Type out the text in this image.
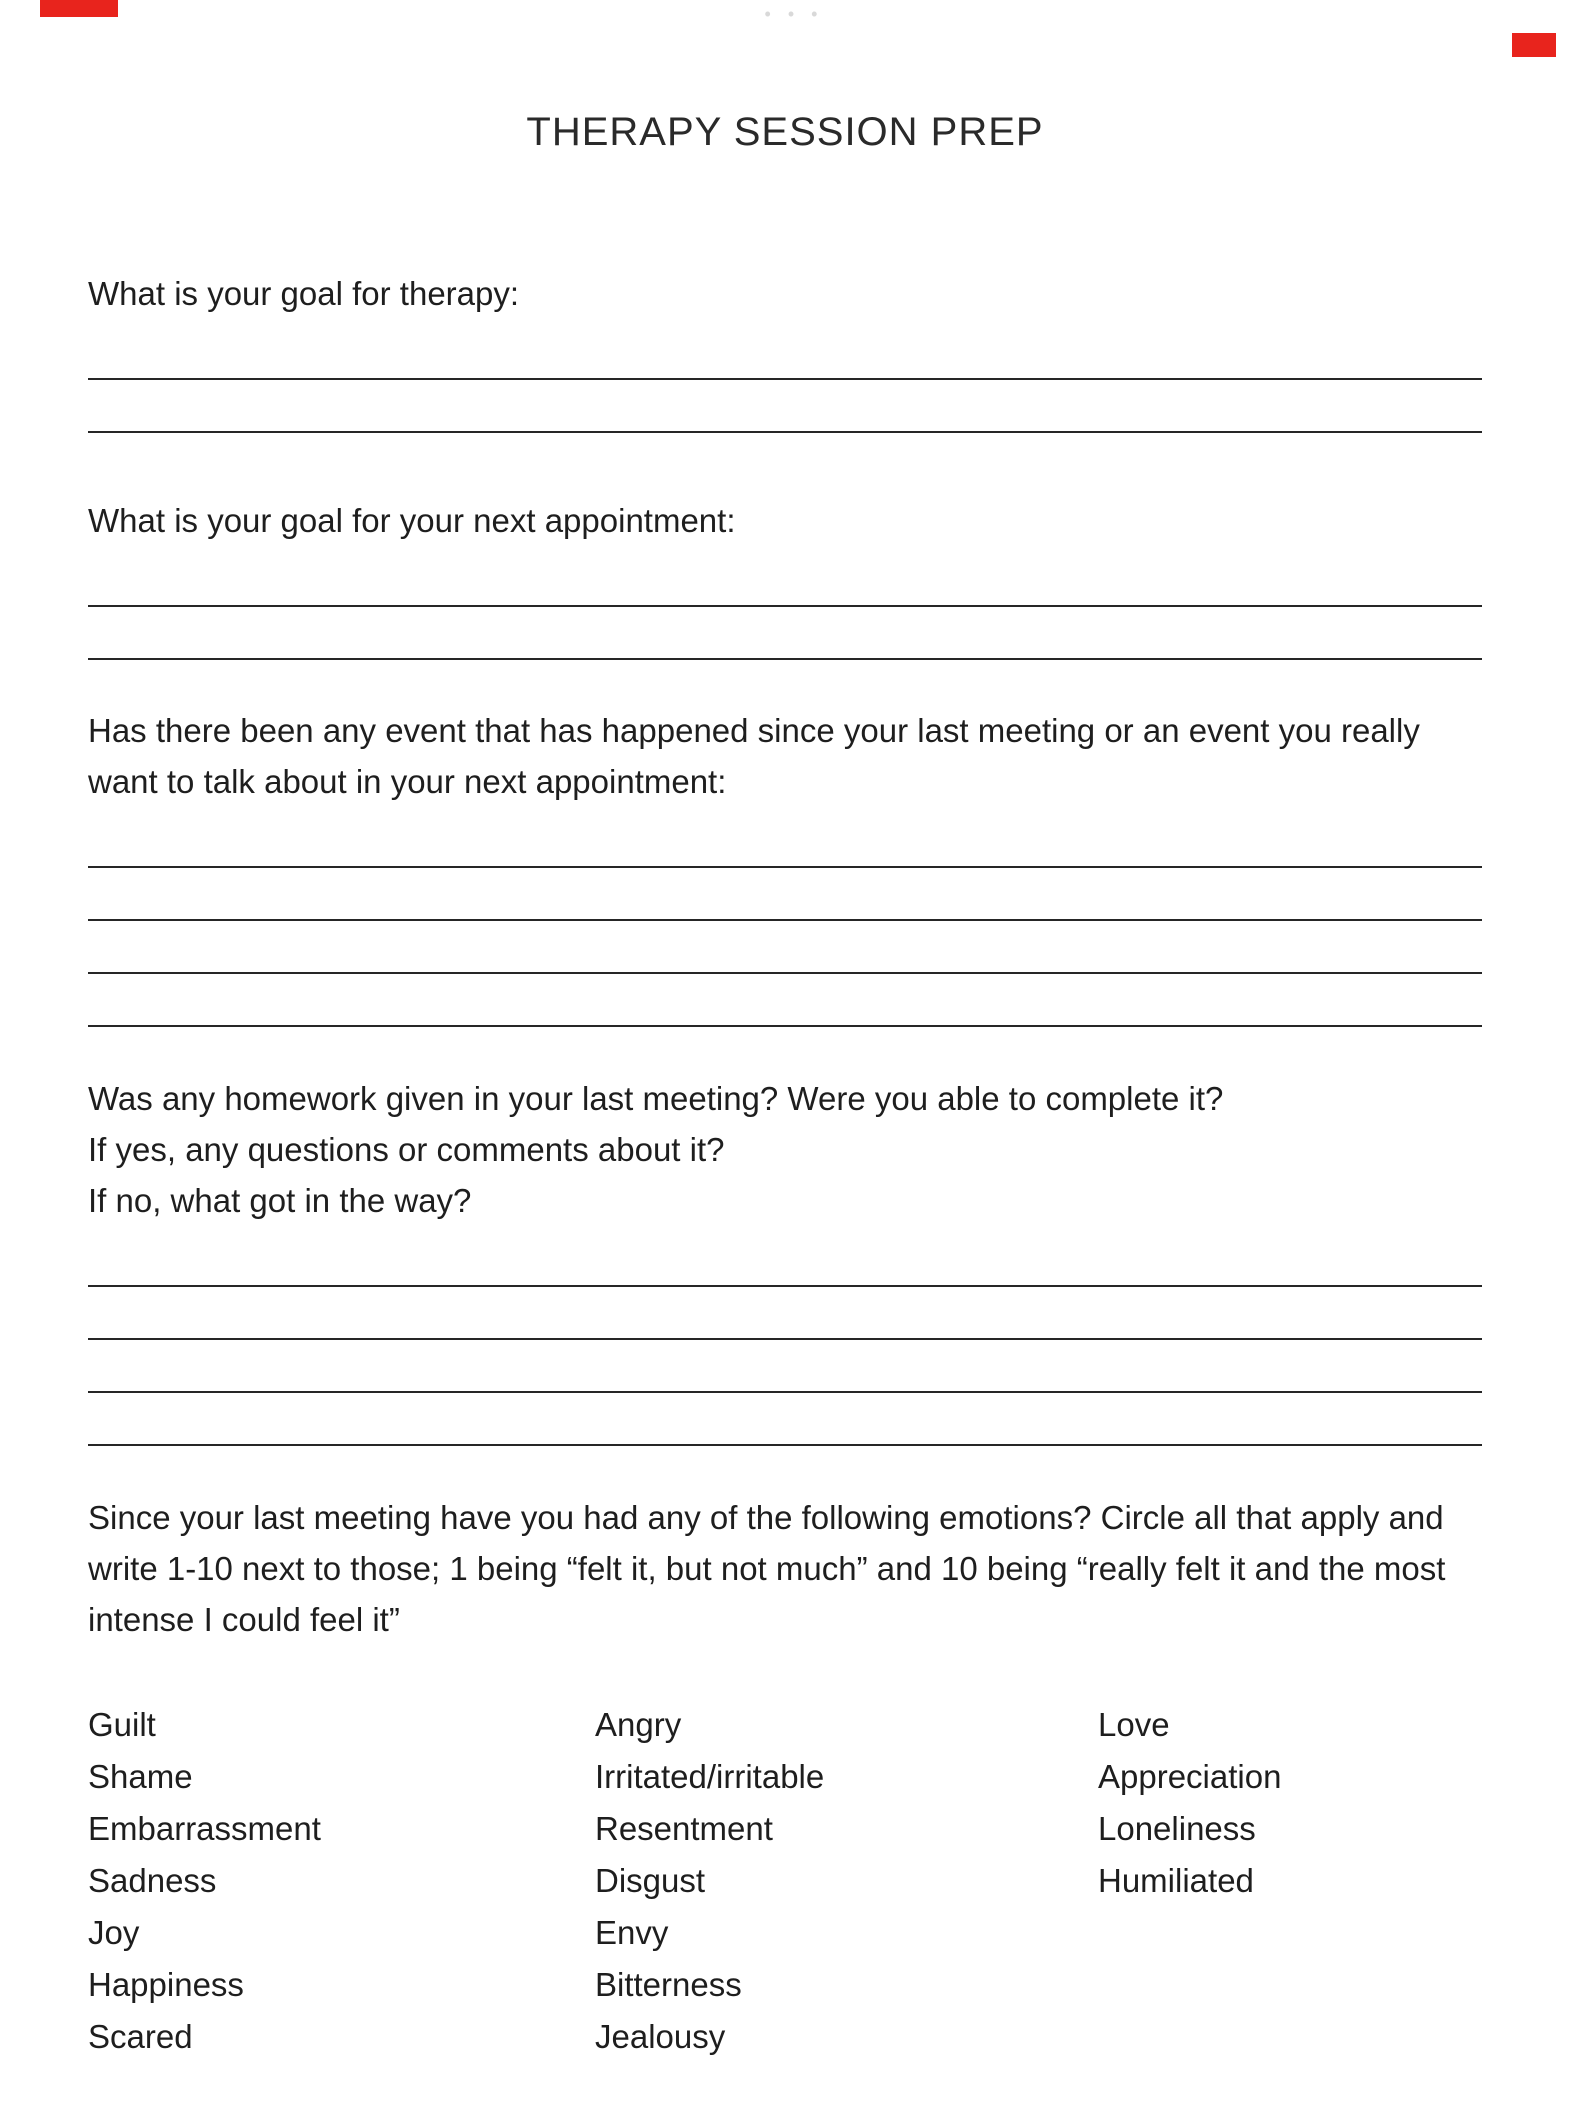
• • •
THERAPY SESSION PREP

What is your goal for therapy:

What is your goal for your next appointment:

Has there been any event that has happened since your last meeting or an event you really want to talk about in your next appointment:

Was any homework given in your last meeting? Were you able to complete it?
If yes, any questions or comments about it?
If no, what got in the way?

Since your last meeting have you had any of the following emotions? Circle all that apply and write 1-10 next to those; 1 being “felt it, but not much” and 10 being “really felt it and the most intense I could feel it”

Guilt
Shame
Embarrassment
Sadness
Joy
Happiness
Scared
Angry
Irritated/irritable
Resentment
Disgust
Envy
Bitterness
Jealousy
Love
Appreciation
Loneliness
Humiliated
